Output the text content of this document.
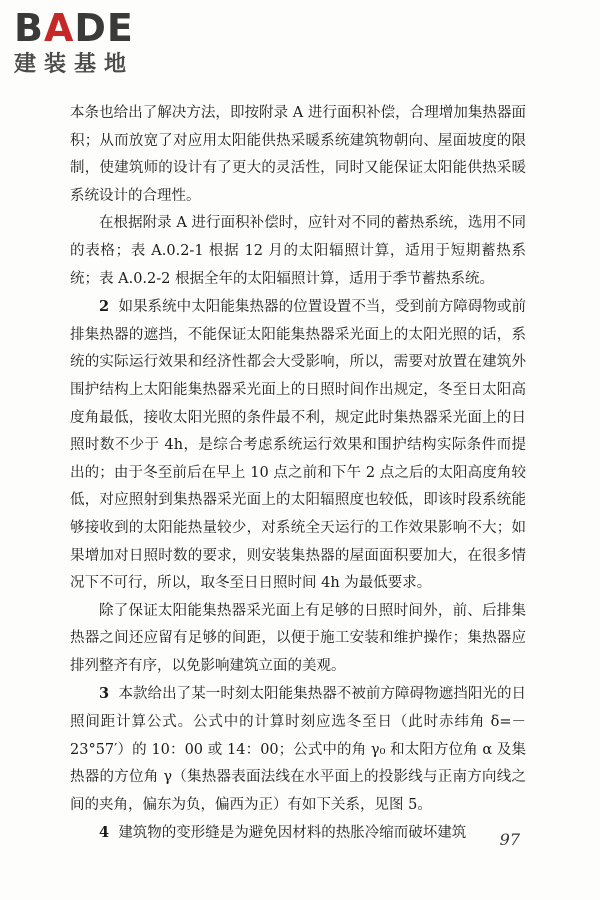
BADE
建装基地

本条也给出了解决方法，即按附录 A 进行面积补偿，合理增加集热器面积；从而放宽了对应用太阳能供热采暖系统建筑物朝向、屋面坡度的限制，使建筑师的设计有了更大的灵活性，同时又能保证太阳能供热采暖系统设计的合理性。

在根据附录 A 进行面积补偿时，应针对不同的蓄热系统，选用不同的表格；表 A.0.2-1 根据 12 月的太阳辐照计算，适用于短期蓄热系统；表 A.0.2-2 根据全年的太阳辐照计算，适用于季节蓄热系统。

2 如果系统中太阳能集热器的位置设置不当，受到前方障碍物或前排集热器的遮挡，不能保证太阳能集热器采光面上的太阳光照的话，系统的实际运行效果和经济性都会大受影响，所以，需要对放置在建筑外围护结构上太阳能集热器采光面上的日照时间作出规定，冬至日太阳高度角最低，接收太阳光照的条件最不利，规定此时集热器采光面上的日照时数不少于 4h，是综合考虑系统运行效果和围护结构实际条件而提出的；由于冬至前后在早上 10 点之前和下午 2 点之后的太阳高度角较低，对应照射到集热器采光面上的太阳辐照度也较低，即该时段系统能够接收到的太阳能热量较少，对系统全天运行的工作效果影响不大；如果增加对日照时数的要求，则安装集热器的屋面面积要加大，在很多情况下不可行，所以，取冬至日日照时间 4h 为最低要求。

除了保证太阳能集热器采光面上有足够的日照时间外，前、后排集热器之间还应留有足够的间距，以便于施工安装和维护操作；集热器应排列整齐有序，以免影响建筑立面的美观。

3 本款给出了某一时刻太阳能集热器不被前方障碍物遮挡阳光的日照间距计算公式。公式中的计算时刻应选冬至日（此时赤纬角 δ=－23°57′）的 10：00 或 14：00；公式中的角 γ₀ 和太阳方位角 α 及集热器的方位角 γ（集热器表面法线在水平面上的投影线与正南方向线之间的夹角，偏东为负，偏西为正）有如下关系，见图 5。

4 建筑物的变形缝是为避免因材料的热胀冷缩而破坏建筑	97
